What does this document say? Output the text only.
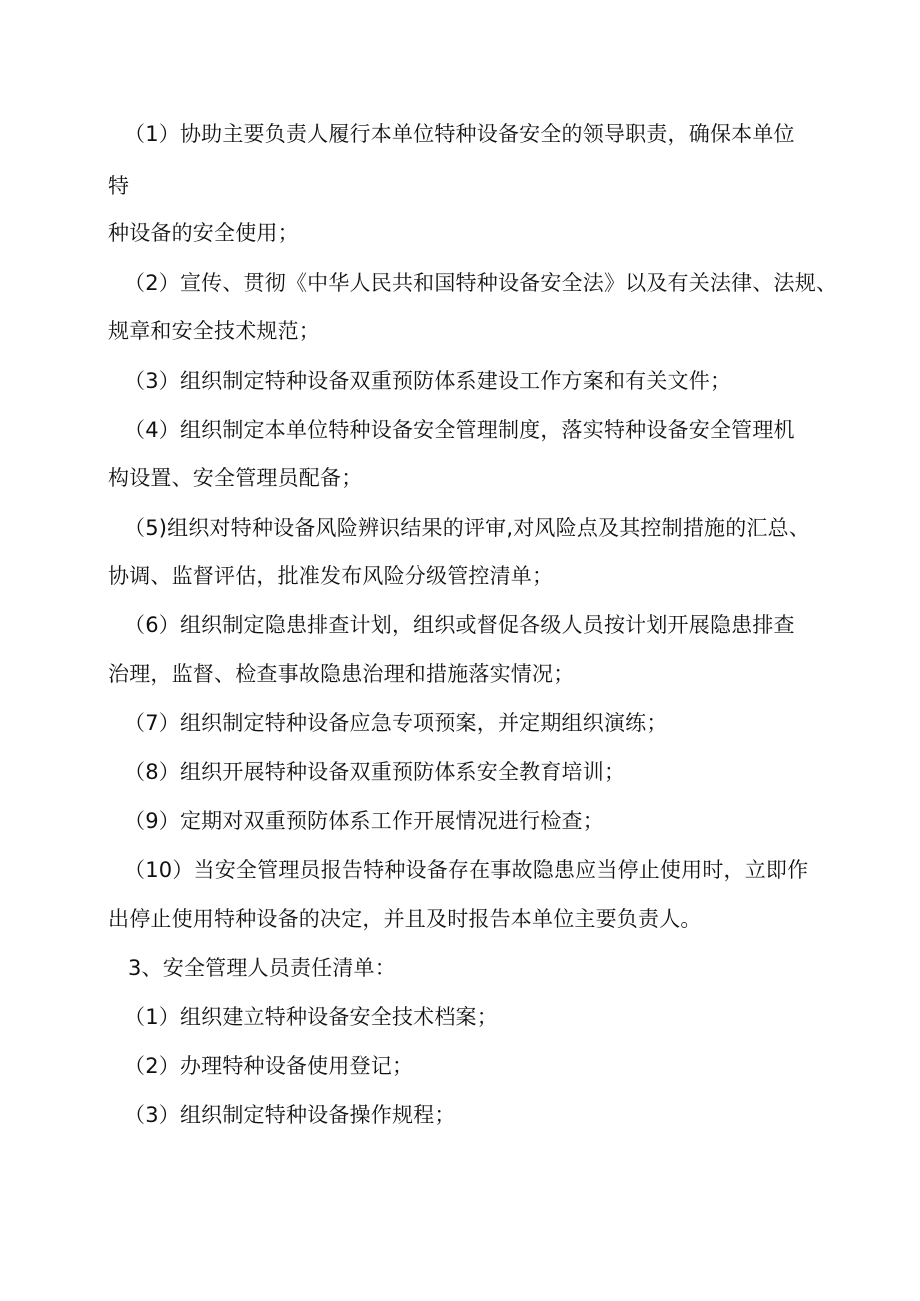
（1）协助主要负责人履行本单位特种设备安全的领导职责，确保本单位
特
种设备的安全使用；
（2）宣传、贯彻《中华人民共和国特种设备安全法》以及有关法律、法规、
规章和安全技术规范；
（3）组织制定特种设备双重预防体系建设工作方案和有关文件；
（4）组织制定本单位特种设备安全管理制度，落实特种设备安全管理机
构设置、安全管理员配备；
（5)组织对特种设备风险辨识结果的评审,对风险点及其控制措施的汇总、
协调、监督评估，批准发布风险分级管控清单；
（6）组织制定隐患排查计划，组织或督促各级人员按计划开展隐患排查
治理，监督、检查事故隐患治理和措施落实情况；
（7）组织制定特种设备应急专项预案，并定期组织演练；
（8）组织开展特种设备双重预防体系安全教育培训；
（9）定期对双重预防体系工作开展情况进行检查；
（10）当安全管理员报告特种设备存在事故隐患应当停止使用时，立即作
出停止使用特种设备的决定，并且及时报告本单位主要负责人。
3、安全管理人员责任清单：
（1）组织建立特种设备安全技术档案；
（2）办理特种设备使用登记；
（3）组织制定特种设备操作规程；
